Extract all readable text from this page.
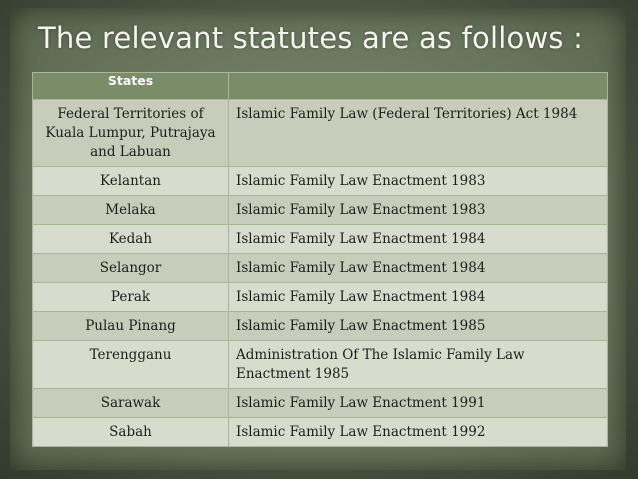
The relevant statutes are as follows :
States	
Federal Territories of Kuala Lumpur, Putrajaya and Labuan	Islamic Family Law (Federal Territories) Act 1984
Kelantan	Islamic Family Law Enactment 1983
Melaka	Islamic Family Law Enactment 1983
Kedah	Islamic Family Law Enactment 1984
Selangor	Islamic Family Law Enactment 1984
Perak	Islamic Family Law Enactment 1984
Pulau Pinang	Islamic Family Law Enactment 1985
Terengganu	Administration Of The Islamic Family Law Enactment 1985
Sarawak	Islamic Family Law Enactment 1991
Sabah	Islamic Family Law Enactment 1992
